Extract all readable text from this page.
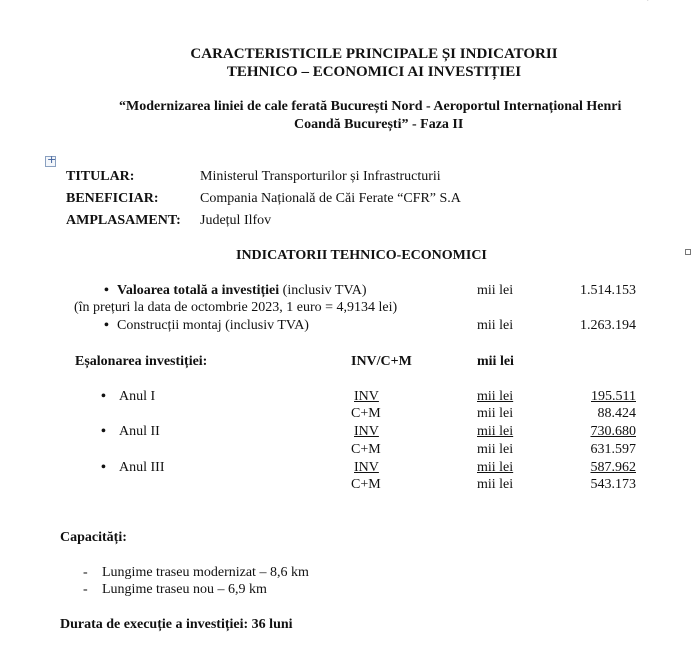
'
CARACTERISTICILE PRINCIPALE ȘI INDICATORII
TEHNICO – ECONOMICI AI INVESTIȚIEI
“Modernizarea liniei de cale ferată București Nord - Aeroportul Internațional Henri
Coandă București” - Faza II
+
TITULAR:	Ministerul Transporturilor și Infrastructurii
BENEFICIAR:	Compania Națională de Căi Ferate “CFR” S.A
AMPLASAMENT: Județul Ilfov
INDICATORII TEHNICO-ECONOMICI
•
Valoarea totală a investiției (inclusiv TVA)	mii lei	1.514.153
(în prețuri la data de octombrie 2023, 1 euro = 4,9134 lei)
•
Construcții montaj (inclusiv TVA)	mii lei	1.263.194
Eșalonarea investiției:	INV/C+M	mii lei
•
Anul I	INV	mii lei	195.511
C+M	mii lei	88.424
•
Anul II	INV	mii lei	730.680
C+M	mii lei	631.597
•
Anul III	INV	mii lei	587.962
C+M	mii lei	543.173
Capacități:
- Lungime traseu modernizat – 8,6 km
- Lungime traseu nou – 6,9 km
Durata de execuție a investiției: 36 luni
